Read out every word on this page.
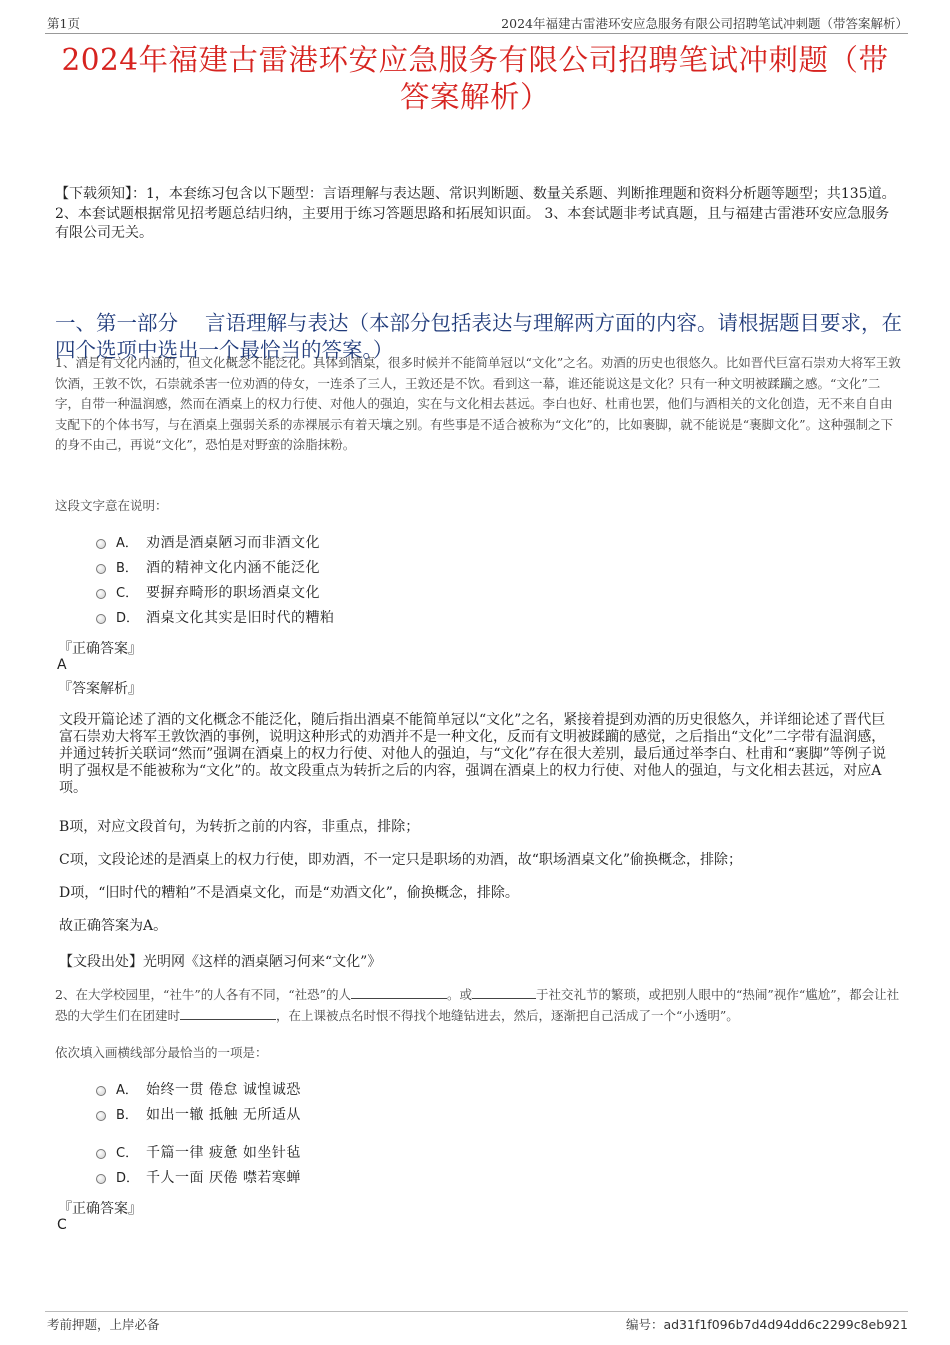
第1页	2024年福建古雷港环安应急服务有限公司招聘笔试冲刺题（带答案解析）
2024年福建古雷港环安应急服务有限公司招聘笔试冲刺题（带答案解析）
【下载须知】：1，本套练习包含以下题型：言语理解与表达题、常识判断题、数量关系题、判断推理题和资料分析题等题型；共135道。 2、本套试题根据常见招考题总结归纳，主要用于练习答题思路和拓展知识面。 3、本套试题非考试真题，且与福建古雷港环安应急服务有限公司无关。
一、第一部分　 言语理解与表达（本部分包括表达与理解两方面的内容。请根据题目要求，在四个选项中选出一个最恰当的答案。）
1、酒是有文化内涵的，但文化概念不能泛化。具体到酒桌，很多时候并不能简单冠以“文化”之名。劝酒的历史也很悠久。比如晋代巨富石崇劝大将军王敦饮酒，王敦不饮，石崇就杀害一位劝酒的侍女，一连杀了三人，王敦还是不饮。看到这一幕，谁还能说这是文化？只有一种文明被蹂躏之感。“文化”二字，自带一种温润感，然而在酒桌上的权力行使、对他人的强迫，实在与文化相去甚远。李白也好、杜甫也罢，他们与酒相关的文化创造，无不来自自由支配下的个体书写，与在酒桌上强弱关系的赤裸展示有着天壤之别。有些事是不适合被称为“文化”的，比如裹脚，就不能说是“裹脚文化”。这种强制之下的身不由己，再说“文化”，恐怕是对野蛮的涂脂抹粉。
这段文字意在说明：
A． 劝酒是酒桌陋习而非酒文化
B． 酒的精神文化内涵不能泛化
C． 要摒弃畸形的职场酒桌文化
D． 酒桌文化其实是旧时代的糟粕
『正确答案』
A
『答案解析』
文段开篇论述了酒的文化概念不能泛化，随后指出酒桌不能简单冠以“文化”之名，紧接着提到劝酒的历史很悠久，并详细论述了晋代巨富石崇劝大将军王敦饮酒的事例，说明这种形式的劝酒并不是一种文化，反而有文明被蹂躏的感觉，之后指出“文化”二字带有温润感，并通过转折关联词“然而”强调在酒桌上的权力行使、对他人的强迫，与“文化”存在很大差别，最后通过举李白、杜甫和“裹脚”等例子说明了强权是不能被称为“文化”的。故文段重点为转折之后的内容，强调在酒桌上的权力行使、对他人的强迫，与文化相去甚远，对应A项。
B项，对应文段首句，为转折之前的内容，非重点，排除；
C项，文段论述的是酒桌上的权力行使，即劝酒，不一定只是职场的劝酒，故“职场酒桌文化”偷换概念，排除；
D项，“旧时代的糟粕”不是酒桌文化，而是“劝酒文化”，偷换概念，排除。
故正确答案为A。
【文段出处】光明网《这样的酒桌陋习何来“文化”》
2、在大学校园里，“社牛”的人各有不同，“社恐”的人	。或	于社交礼节的繁琐，或把别人眼中的“热闹”视作“尴尬”，都会让社恐的大学生们在团建时	，在上课被点名时恨不得找个地缝钻进去，然后，逐渐把自己活成了一个“小透明”。
依次填入画横线部分最恰当的一项是：
A． 始终一贯 倦怠 诚惶诚恐
B． 如出一辙 抵触 无所适从
C． 千篇一律 疲惫 如坐针毡
D． 千人一面 厌倦 噤若寒蝉
『正确答案』
C
考前押题，上岸必备	编号：ad31f1f096b7d4d94dd6c2299c8eb921
